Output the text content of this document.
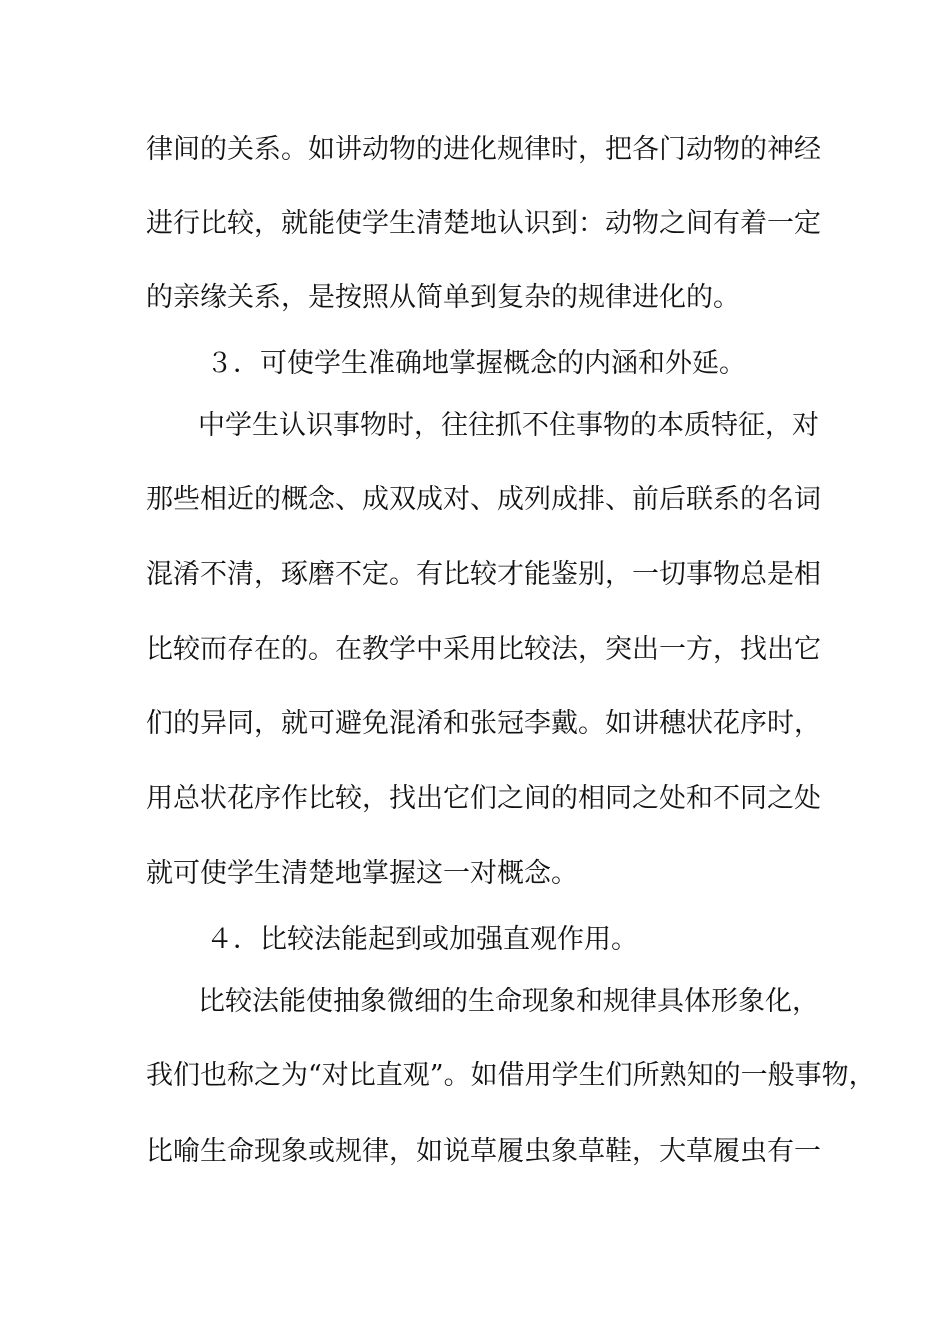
律间的关系。如讲动物的进化规律时，把各门动物的神经

进行比较，就能使学生清楚地认识到：动物之间有着一定

的亲缘关系，是按照从简单到复杂的规律进化的。

３．可使学生准确地掌握概念的内涵和外延。

中学生认识事物时，往往抓不住事物的本质特征，对

那些相近的概念、成双成对、成列成排、前后联系的名词

混淆不清，琢磨不定。有比较才能鉴别，一切事物总是相

比较而存在的。在教学中采用比较法，突出一方，找出它

们的异同，就可避免混淆和张冠李戴。如讲穗状花序时，

用总状花序作比较，找出它们之间的相同之处和不同之处

就可使学生清楚地掌握这一对概念。

４．比较法能起到或加强直观作用。

比较法能使抽象微细的生命现象和规律具体形象化，

我们也称之为“对比直观”。如借用学生们所熟知的一般事物，

比喻生命现象或规律，如说草履虫象草鞋，大草履虫有一
